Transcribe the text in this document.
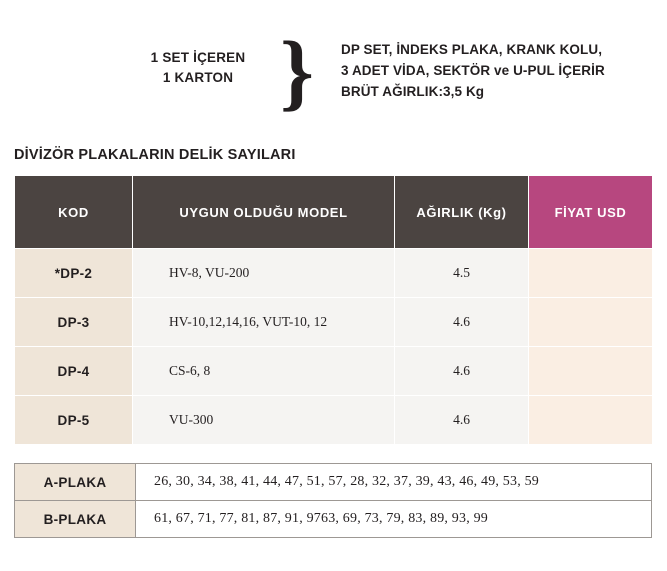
1 SET İÇEREN
1 KARTON } DP SET, İNDEKS PLAKA, KRANK KOLU,
3 ADET VİDA, SEKTÖR ve U-PUL İÇERİR
BRÜT AĞIRLIK:3,5 Kg
DİVİZÖR PLAKALARIN DELİK SAYILARI
KOD	UYGUN OLDUĞU MODEL	AĞIRLIK (Kg)	FİYAT USD
*DP-2	HV-8, VU-200	4.5	
DP-3	HV-10,12,14,16, VUT-10, 12	4.6	
DP-4	CS-6, 8	4.6	
DP-5	VU-300	4.6	
A-PLAKA	26, 30, 34, 38, 41, 44, 47, 51, 57, 28, 32, 37, 39, 43, 46, 49, 53, 59
B-PLAKA	61, 67, 71, 77, 81, 87, 91, 9763, 69, 73, 79, 83, 89, 93, 99
